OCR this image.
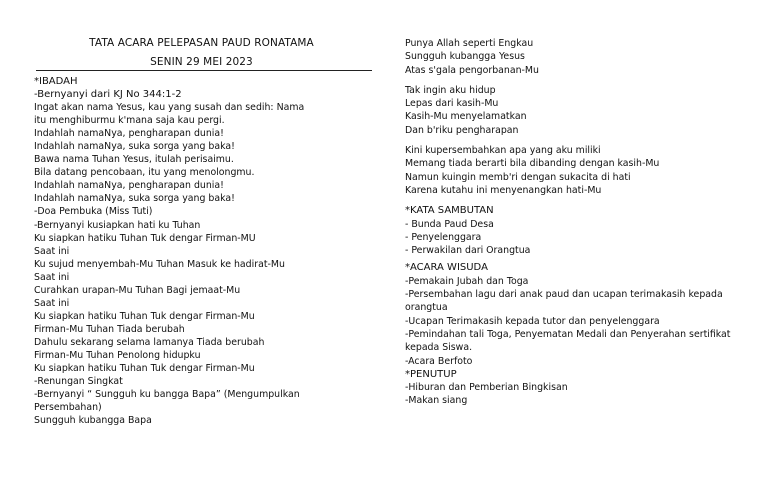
TATA ACARA PELEPASAN PAUD RONATAMA
SENIN 29 MEI 2023
*IBADAH
-Bernyanyi dari KJ No 344:1-2
Ingat akan nama Yesus, kau yang susah dan sedih: Nama
itu menghiburmu k'mana saja kau pergi.
Indahlah namaNya, pengharapan dunia!
Indahlah namaNya, suka sorga yang baka!
Bawa nama Tuhan Yesus, itulah perisaimu.
Bila datang pencobaan, itu yang menolongmu.
Indahlah namaNya, pengharapan dunia!
Indahlah namaNya, suka sorga yang baka!
-Doa Pembuka (Miss Tuti)
-Bernyanyi kusiapkan hati ku Tuhan
Ku siapkan hatiku Tuhan Tuk dengar Firman-MU
Saat ini
Ku sujud menyembah-Mu Tuhan Masuk ke hadirat-Mu
Saat ini
Curahkan urapan-Mu Tuhan Bagi jemaat-Mu
Saat ini
Ku siapkan hatiku Tuhan Tuk dengar Firman-Mu
Firman-Mu Tuhan Tiada berubah
Dahulu sekarang selama lamanya Tiada berubah
Firman-Mu Tuhan Penolong hidupku
Ku siapkan hatiku Tuhan Tuk dengar Firman-Mu
-Renungan Singkat
-Bernyanyi “ Sungguh ku bangga Bapa” (Mengumpulkan
Persembahan)
Sungguh kubangga Bapa
Punya Allah seperti Engkau
Sungguh kubangga Yesus
Atas s'gala pengorbanan-Mu
Tak ingin aku hidup
Lepas dari kasih-Mu
Kasih-Mu menyelamatkan
Dan b'riku pengharapan
Kini kupersembahkan apa yang aku miliki
Memang tiada berarti bila dibanding dengan kasih-Mu
Namun kuingin memb'ri dengan sukacita di hati
Karena kutahu ini menyenangkan hati-Mu
*KATA SAMBUTAN
- Bunda Paud Desa
- Penyelenggara
- Perwakilan dari Orangtua
*ACARA WISUDA
-Pemakain Jubah dan Toga
-Persembahan lagu dari anak paud dan ucapan terimakasih kepada
orangtua
-Ucapan Terimakasih kepada tutor dan penyelenggara
-Pemindahan tali Toga, Penyematan Medali dan Penyerahan sertifikat
kepada Siswa.
-Acara Berfoto
*PENUTUP
-Hiburan dan Pemberian Bingkisan
-Makan siang
